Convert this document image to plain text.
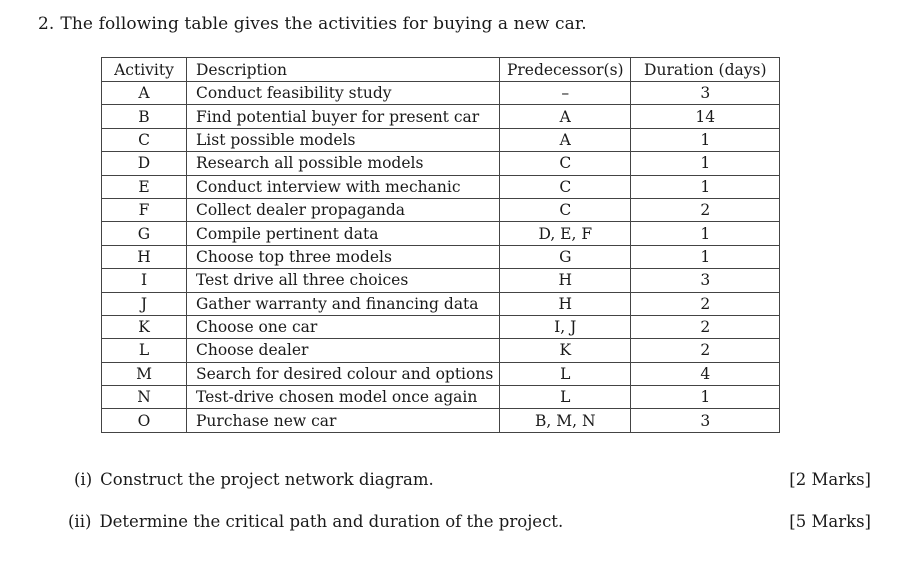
2. The following table gives the activities for buying a new car.
Activity	Description	Predecessor(s)	Duration (days)
A	Conduct feasibility study	–	3
B	Find potential buyer for present car	A	14
C	List possible models	A	1
D	Research all possible models	C	1
E	Conduct interview with mechanic	C	1
F	Collect dealer propaganda	C	2
G	Compile pertinent data	D, E, F	1
H	Choose top three models	G	1
I	Test drive all three choices	H	3
J	Gather warranty and financing data	H	2
K	Choose one car	I, J	2
L	Choose dealer	K	2
M	Search for desired colour and options	L	4
N	Test-drive chosen model once again	L	1
O	Purchase new car	B, M, N	3
(i) Construct the project network diagram.	[2 Marks]
(ii) Determine the critical path and duration of the project.	[5 Marks]
